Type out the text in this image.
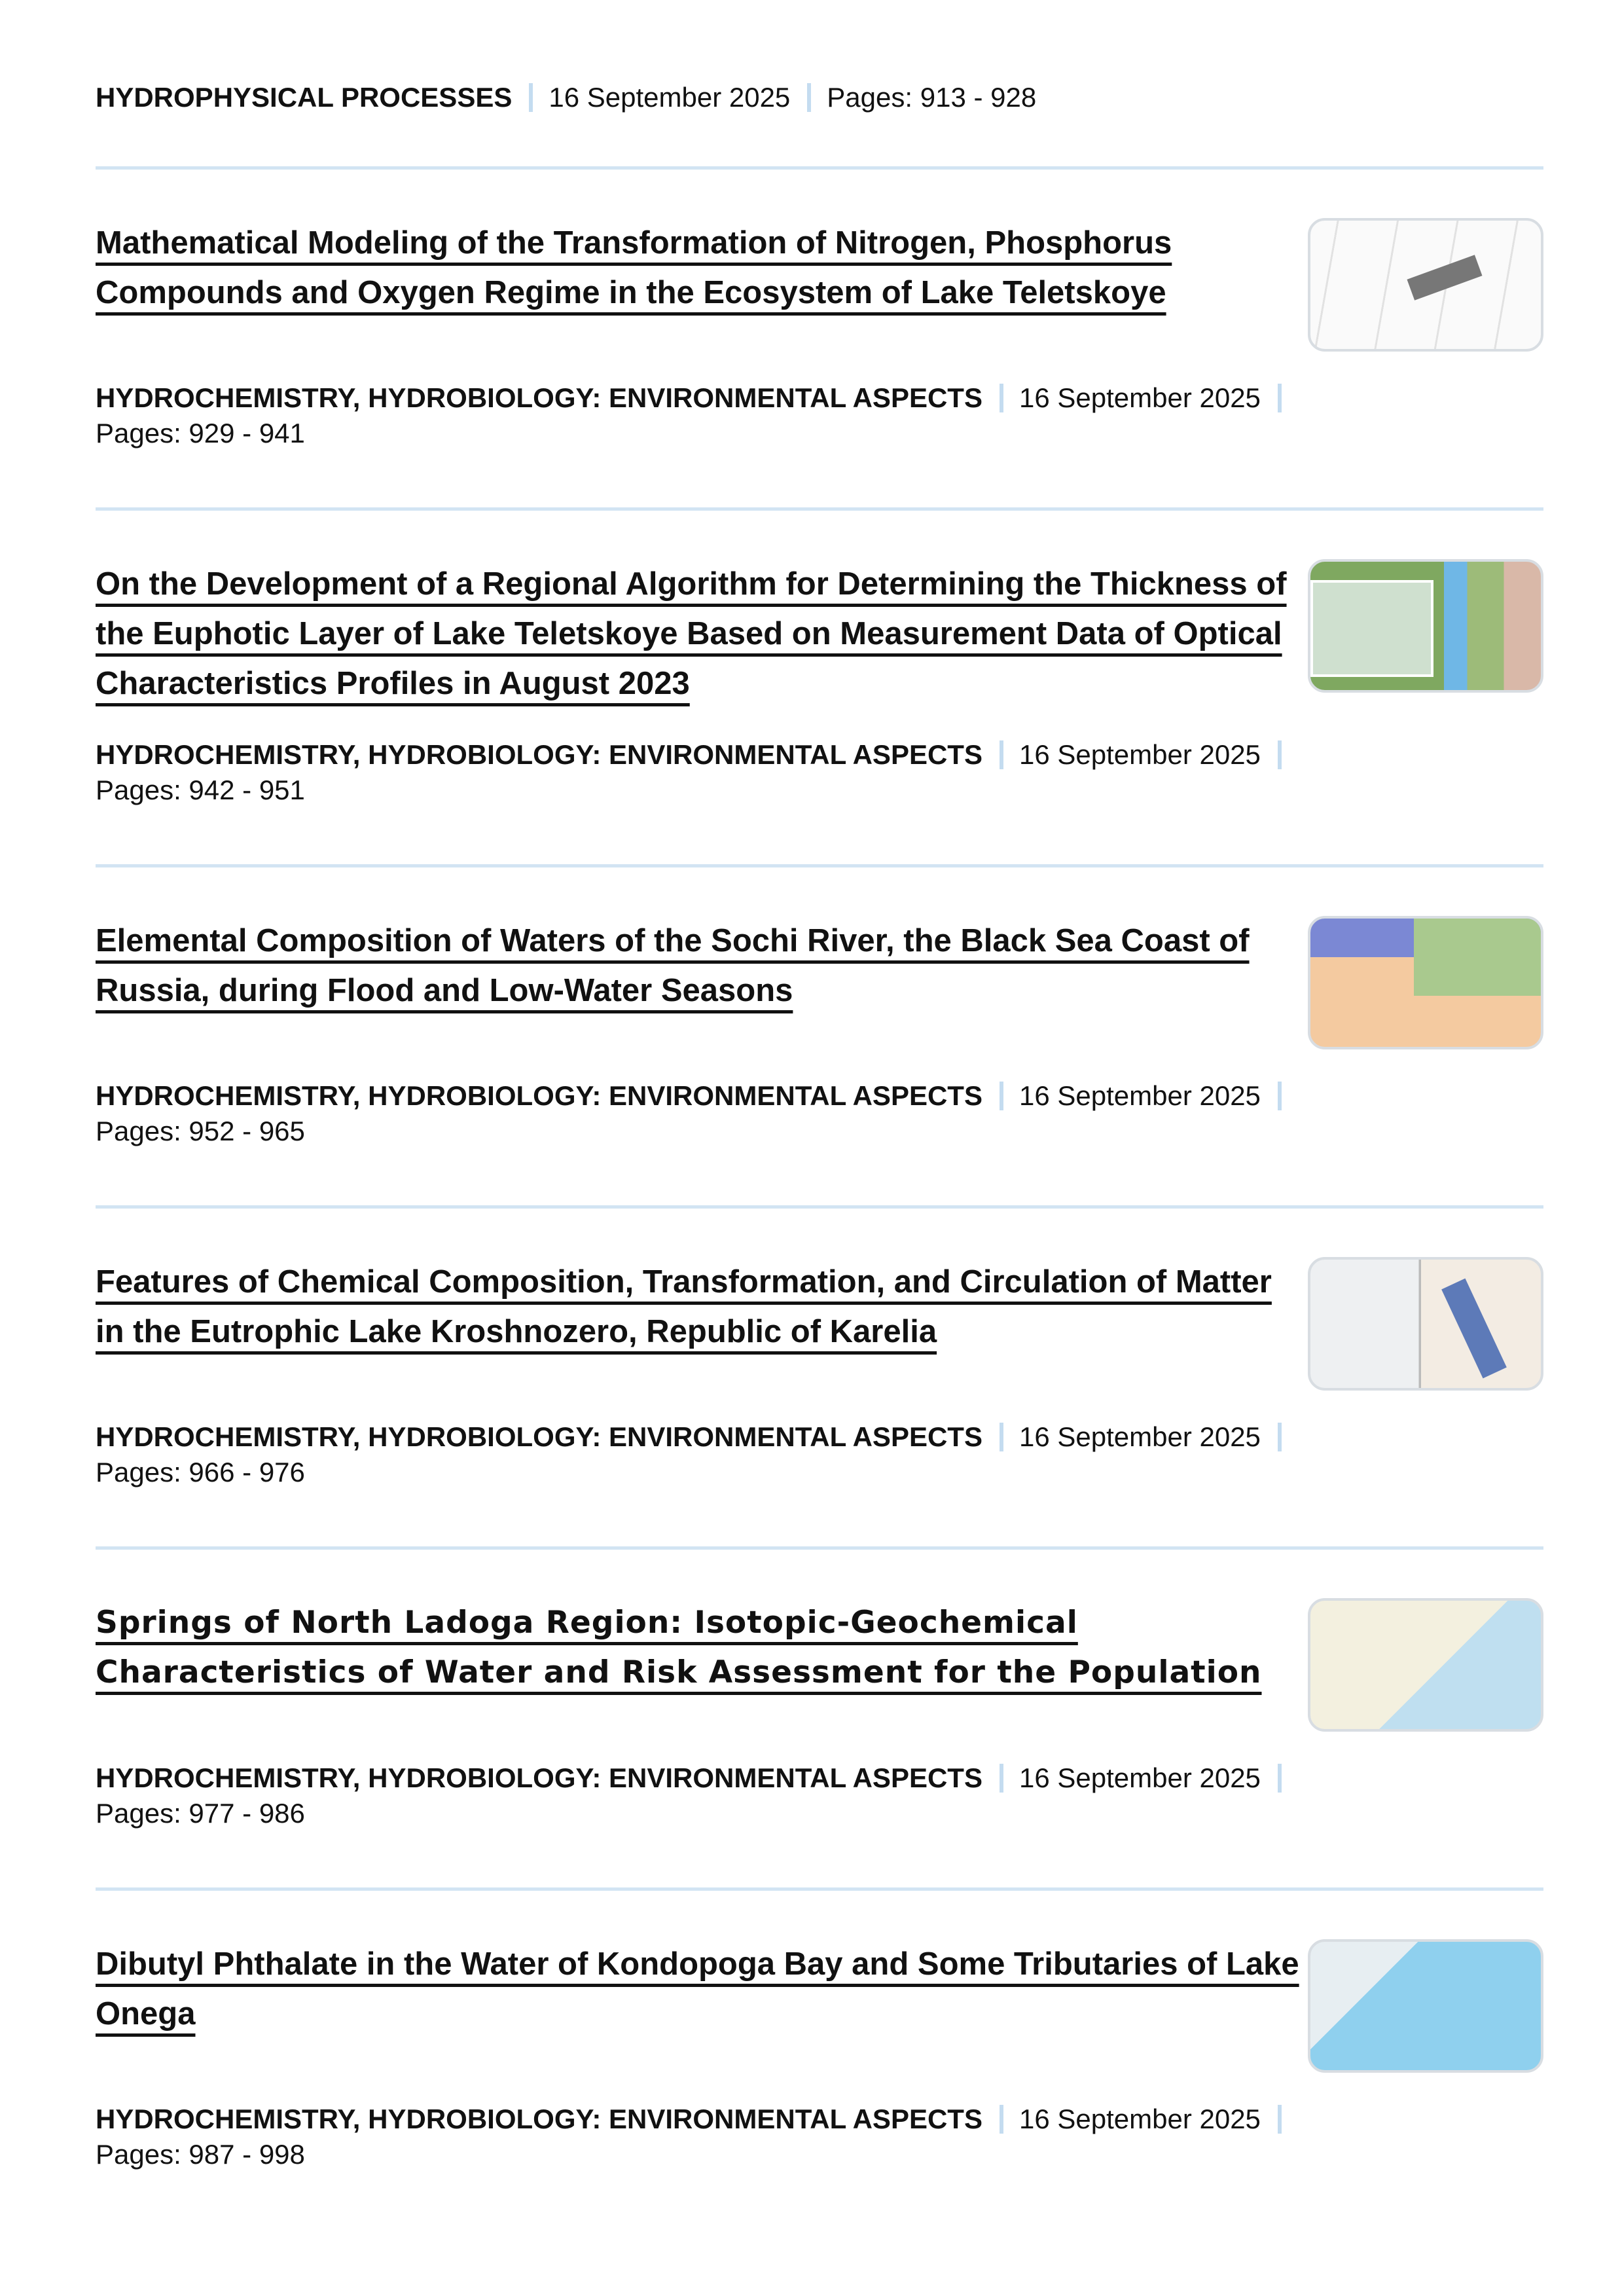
HYDROPHYSICAL PROCESSES 16 September 2025 Pages: 913 - 928
Mathematical Modeling of the Transformation of Nitrogen, Phosphorus Compounds and Oxygen Regime in the Ecosystem of Lake Teletskoye
HYDROCHEMISTRY, HYDROBIOLOGY: ENVIRONMENTAL ASPECTS 16 September 2025
Pages: 929 - 941
On the Development of a Regional Algorithm for Determining the Thickness of the Euphotic Layer of Lake Teletskoye Based on Measurement Data of Optical Characteristics Profiles in August 2023
HYDROCHEMISTRY, HYDROBIOLOGY: ENVIRONMENTAL ASPECTS 16 September 2025
Pages: 942 - 951
Elemental Composition of Waters of the Sochi River, the Black Sea Coast of Russia, during Flood and Low-Water Seasons
HYDROCHEMISTRY, HYDROBIOLOGY: ENVIRONMENTAL ASPECTS 16 September 2025
Pages: 952 - 965
Features of Chemical Composition, Transformation, and Circulation of Matter in the Eutrophic Lake Kroshnozero, Republic of Karelia
HYDROCHEMISTRY, HYDROBIOLOGY: ENVIRONMENTAL ASPECTS 16 September 2025
Pages: 966 - 976
Springs of North Ladoga Region: Isotopic-Geochemical Characteristics of Water and Risk Assessment for the Population
HYDROCHEMISTRY, HYDROBIOLOGY: ENVIRONMENTAL ASPECTS 16 September 2025
Pages: 977 - 986
Dibutyl Phthalate in the Water of Kondopoga Bay and Some Tributaries of Lake Onega
HYDROCHEMISTRY, HYDROBIOLOGY: ENVIRONMENTAL ASPECTS 16 September 2025
Pages: 987 - 998
